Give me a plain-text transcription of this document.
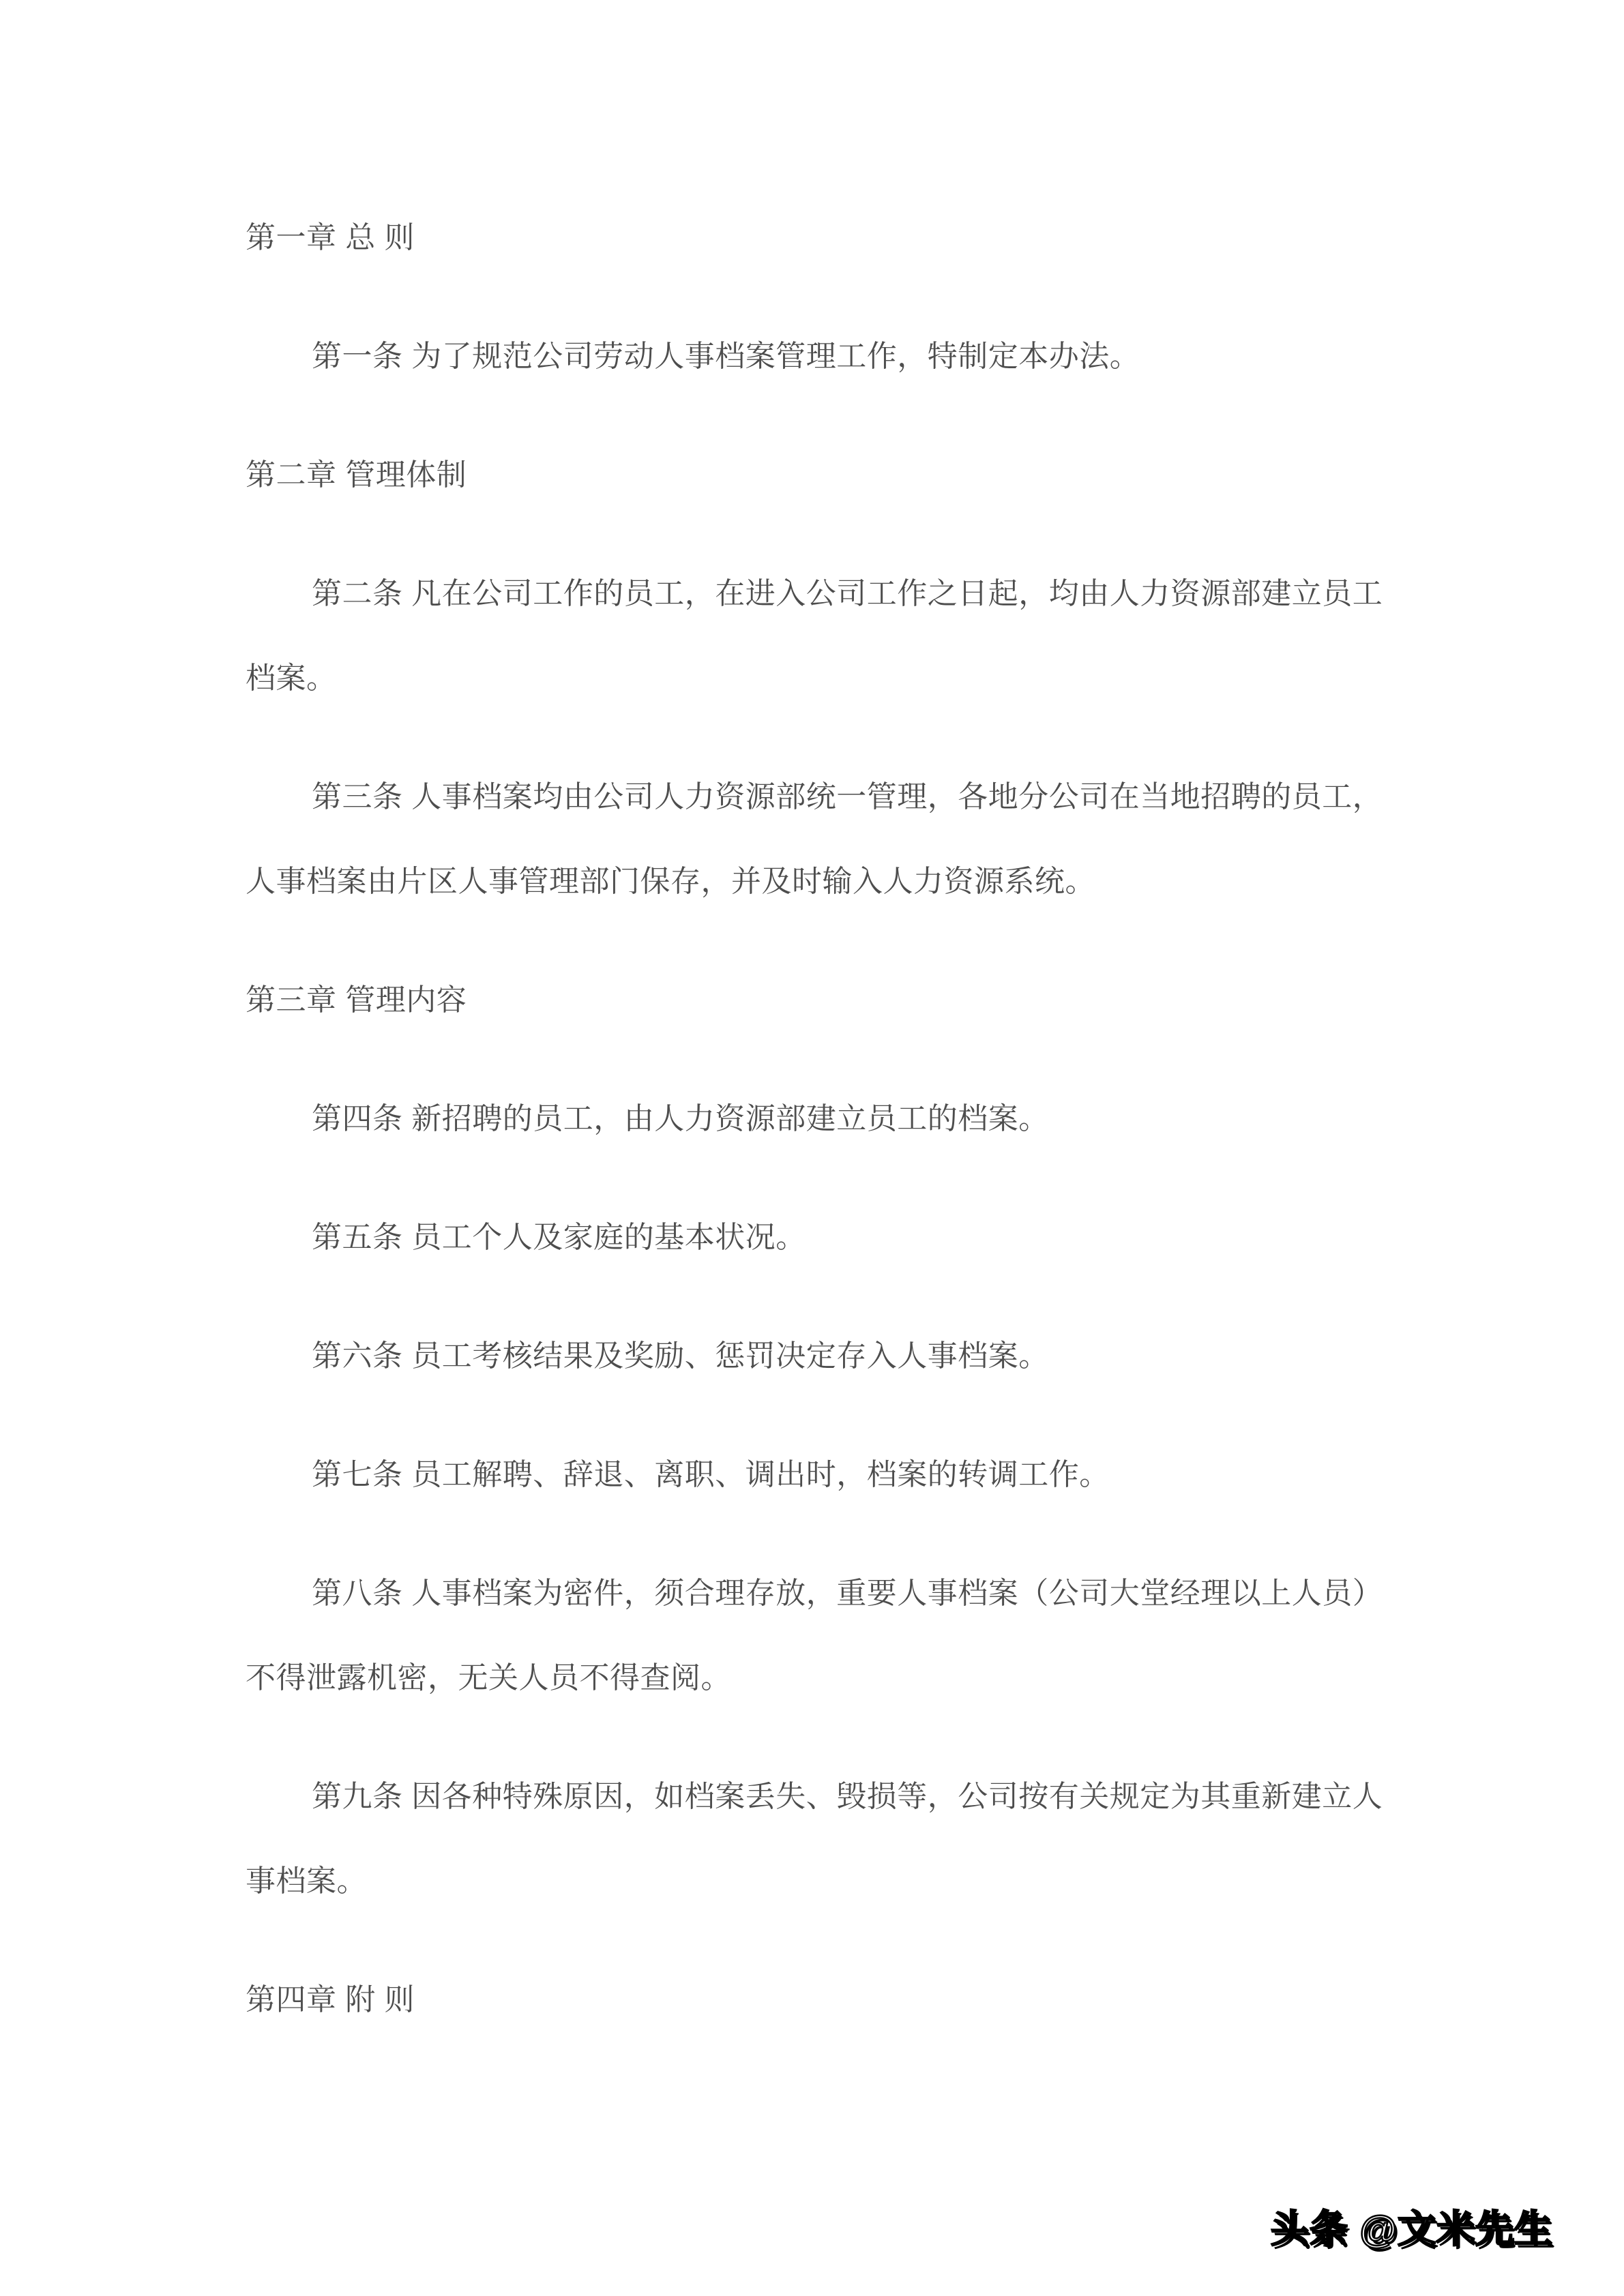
第一章 总 则
第一条 为了规范公司劳动人事档案管理工作，特制定本办法。
第二章 管理体制
第二条 凡在公司工作的员工，在进入公司工作之日起，均由人力资源部建立员工
档案。
第三条 人事档案均由公司人力资源部统一管理，各地分公司在当地招聘的员工，
人事档案由片区人事管理部门保存，并及时输入人力资源系统。
第三章 管理内容
第四条 新招聘的员工，由人力资源部建立员工的档案。
第五条 员工个人及家庭的基本状况。
第六条 员工考核结果及奖励、惩罚决定存入人事档案。
第七条 员工解聘、辞退、离职、调出时，档案的转调工作。
第八条 人事档案为密件，须合理存放，重要人事档案（公司大堂经理以上人员）
不得泄露机密，无关人员不得查阅。
第九条 因各种特殊原因，如档案丢失、毁损等，公司按有关规定为其重新建立人
事档案。
第四章 附 则
头条 @文米先生
